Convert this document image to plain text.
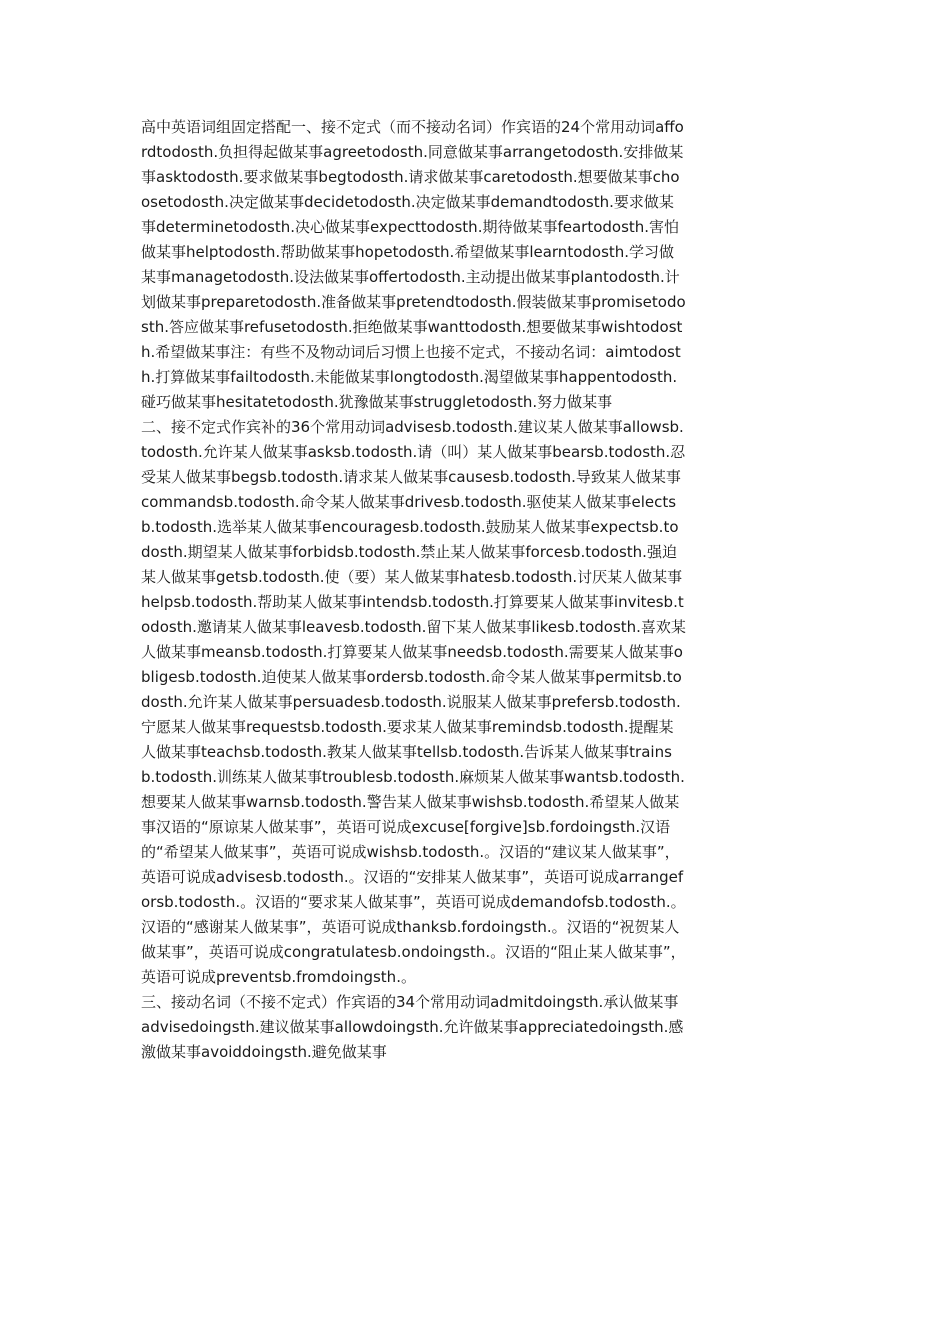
高中英语词组固定搭配一、接不定式（而不接动名词）作宾语的24个常用动词affordtodosth.负担得起做某事agreetodosth.同意做某事arrangetodosth.安排做某事asktodosth.要求做某事begtodosth.请求做某事caretodosth.想要做某事choosetodosth.决定做某事decidetodosth.决定做某事demandtodosth.要求做某事determinetodosth.决心做某事expecttodosth.期待做某事feartodosth.害怕做某事helptodosth.帮助做某事hopetodosth.希望做某事learntodosth.学习做某事managetodosth.设法做某事offertodosth.主动提出做某事plantodosth.计划做某事preparetodosth.准备做某事pretendtodosth.假装做某事promisetodosth.答应做某事refusetodosth.拒绝做某事wanttodosth.想要做某事wishtodosth.希望做某事注：有些不及物动词后习惯上也接不定式，不接动名词：aimtodosth.打算做某事failtodosth.未能做某事longtodosth.渴望做某事happentodosth.碰巧做某事hesitatetodosth.犹豫做某事struggletodosth.努力做某事

二、接不定式作宾补的36个常用动词advisesb.todosth.建议某人做某事allowsb.todosth.允许某人做某事asksb.todosth.请（叫）某人做某事bearsb.todosth.忍受某人做某事begsb.todosth.请求某人做某事causesb.todosth.导致某人做某事commandsb.todosth.命令某人做某事drivesb.todosth.驱使某人做某事electsb.todosth.选举某人做某事encouragesb.todosth.鼓励某人做某事expectsb.todosth.期望某人做某事forbidsb.todosth.禁止某人做某事forcesb.todosth.强迫某人做某事getsb.todosth.使（要）某人做某事hatesb.todosth.讨厌某人做某事helpsb.todosth.帮助某人做某事intendsb.todosth.打算要某人做某事invitesb.todosth.邀请某人做某事leavesb.todosth.留下某人做某事likesb.todosth.喜欢某人做某事meansb.todosth.打算要某人做某事needsb.todosth.需要某人做某事obligesb.todosth.迫使某人做某事ordersb.todosth.命令某人做某事permitsb.todosth.允许某人做某事persuadesb.todosth.说服某人做某事prefersb.todosth.宁愿某人做某事requestsb.todosth.要求某人做某事remindsb.todosth.提醒某人做某事teachsb.todosth.教某人做某事tellsb.todosth.告诉某人做某事trainsb.todosth.训练某人做某事troublesb.todosth.麻烦某人做某事wantsb.todosth.想要某人做某事warnsb.todosth.警告某人做某事wishsb.todosth.希望某人做某事汉语的“原谅某人做某事”，英语可说成excuse[forgive]sb.fordoingsth.汉语的“希望某人做某事”，英语可说成wishsb.todosth.。汉语的“建议某人做某事”，英语可说成advisesb.todosth.。汉语的“安排某人做某事”，英语可说成arrangeforsb.todosth.。汉语的“要求某人做某事”，英语可说成demandofsb.todosth.。汉语的“感谢某人做某事”，英语可说成thanksb.fordoingsth.。汉语的“祝贺某人做某事”，英语可说成congratulatesb.ondoingsth.。汉语的“阻止某人做某事”，英语可说成preventsb.fromdoingsth.。

三、接动名词（不接不定式）作宾语的34个常用动词admitdoingsth.承认做某事advisedoingsth.建议做某事allowdoingsth.允许做某事appreciatedoingsth.感激做某事avoiddoingsth.避免做某事
